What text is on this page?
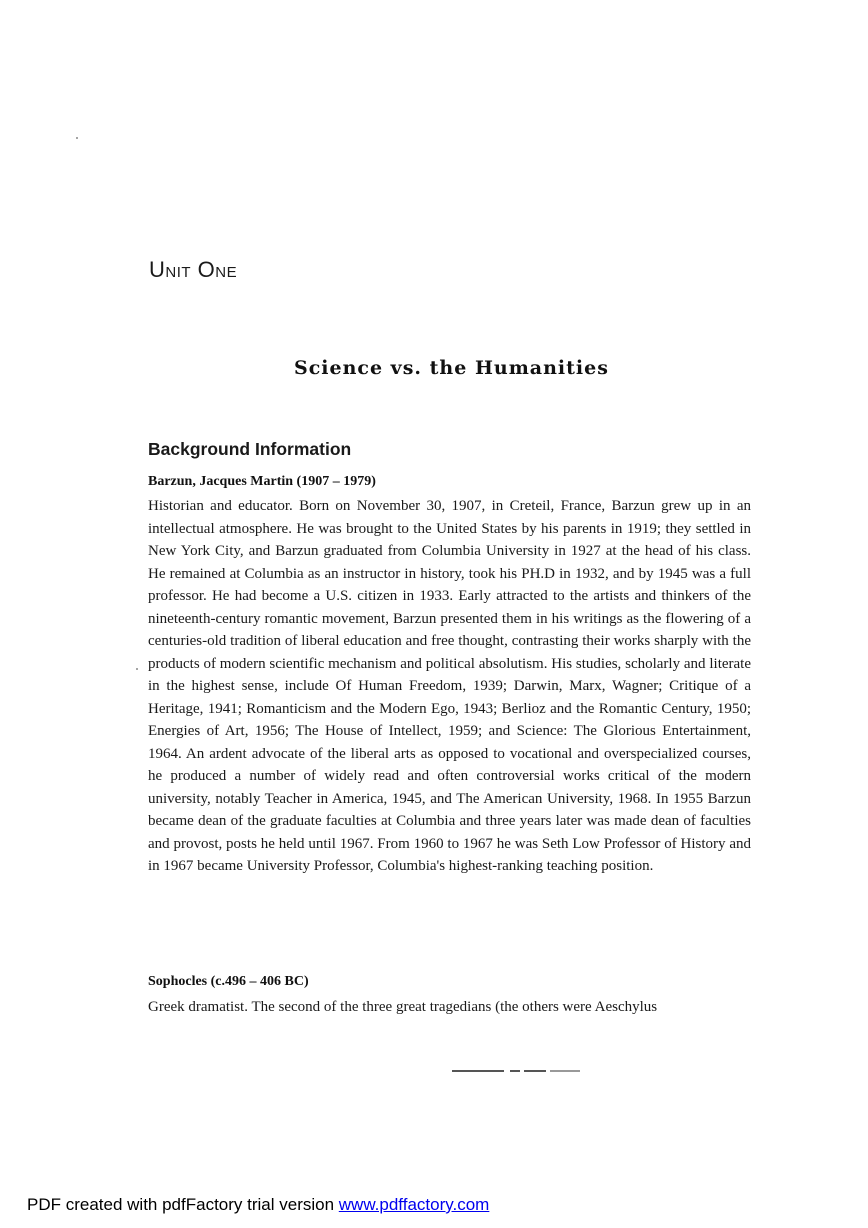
Unit One
Science vs. the Humanities
Background Information
Barzun, Jacques Martin (1907 – 1979)
Historian and educator. Born on November 30, 1907, in Creteil, France, Barzun grew up in an intellectual atmosphere. He was brought to the United States by his parents in 1919; they settled in New York City, and Barzun graduated from Columbia University in 1927 at the head of his class. He remained at Columbia as an instructor in history, took his PH.D in 1932, and by 1945 was a full professor. He had become a U.S. citizen in 1933. Early attracted to the artists and thinkers of the nineteenth-century romantic movement, Barzun presented them in his writings as the flowering of a centuries-old tradition of liberal education and free thought, contrasting their works sharply with the products of modern scientific mechanism and political absolutism. His studies, scholarly and literate in the highest sense, include Of Human Freedom, 1939; Darwin, Marx, Wagner; Critique of a Heritage, 1941; Romanticism and the Modern Ego, 1943; Berlioz and the Romantic Century, 1950; Energies of Art, 1956; The House of Intellect, 1959; and Science: The Glorious Entertainment, 1964. An ardent advocate of the liberal arts as opposed to vocational and overspecialized courses, he produced a number of widely read and often controversial works critical of the modern university, notably Teacher in America, 1945, and The American University, 1968. In 1955 Barzun became dean of the graduate faculties at Columbia and three years later was made dean of faculties and provost, posts he held until 1967. From 1960 to 1967 he was Seth Low Professor of History and in 1967 became University Professor, Columbia's highest-ranking teaching position.
Sophocles (c.496 – 406 BC)
Greek dramatist. The second of the three great tragedians (the others were Aeschylus
PDF created with pdfFactory trial version www.pdffactory.com
